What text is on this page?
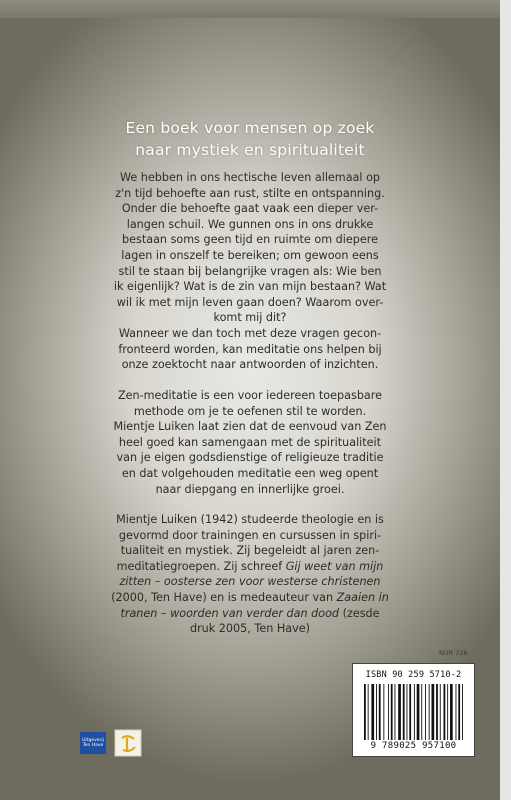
Een boek voor mensen op zoek
naar mystiek en spiritualiteit
We hebben in ons hectische leven allemaal op
z'n tijd behoefte aan rust, stilte en ontspanning.
Onder die behoefte gaat vaak een dieper ver-
langen schuil. We gunnen ons in ons drukke
bestaan soms geen tijd en ruimte om diepere
lagen in onszelf te bereiken; om gewoon eens
stil te staan bij belangrijke vragen als: Wie ben
ik eigenlijk? Wat is de zin van mijn bestaan? Wat
wil ik met mijn leven gaan doen? Waarom over-
komt mij dit?
Wanneer we dan toch met deze vragen gecon-
fronteerd worden, kan meditatie ons helpen bij
onze zoektocht naar antwoorden of inzichten.
Zen-meditatie is een voor iedereen toepasbare
methode om je te oefenen stil te worden.
Mientje Luiken laat zien dat de eenvoud van Zen
heel goed kan samengaan met de spiritualiteit
van je eigen godsdienstige of religieuze traditie
en dat volgehouden meditatie een weg opent
naar diepgang en innerlijke groei.
Mientje Luiken (1942) studeerde theologie en is
gevormd door trainingen en cursussen in spiri-
tualiteit en mystiek. Zij begeleidt al jaren zen-
meditatiegroepen. Zij schreef Gij weet van mijn
zitten – oosterse zen voor westerse christenen
(2000, Ten Have) en is medeauteur van Zaaien in
tranen – woorden van verder dan dood (zesde
druk 2005, Ten Have)
NUR 728
ISBN 90 259 5710-2
9 789025 957100
Uitgeverij Ten Have
